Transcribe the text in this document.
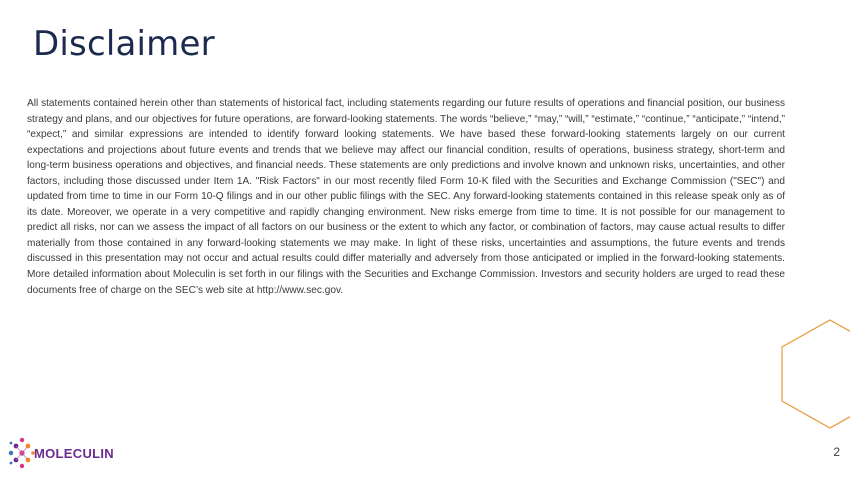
Disclaimer

All statements contained herein other than statements of historical fact, including statements regarding our future results of operations and financial position, our business strategy and plans, and our objectives for future operations, are forward-looking statements. The words “believe,” “may,” “will,” “estimate,” “continue,” “anticipate,” “intend,” “expect,” and similar expressions are intended to identify forward looking statements. We have based these forward-looking statements largely on our current expectations and projections about future events and trends that we believe may affect our financial condition, results of operations, business strategy, short-term and long-term business operations and objectives, and financial needs. These statements are only predictions and involve known and unknown risks, uncertainties, and other factors, including those discussed under Item 1A. "Risk Factors" in our most recently filed Form 10-K filed with the Securities and Exchange Commission ("SEC") and updated from time to time in our Form 10-Q filings and in our other public filings with the SEC. Any forward-looking statements contained in this release speak only as of its date. Moreover, we operate in a very competitive and rapidly changing environment. New risks emerge from time to time. It is not possible for our management to predict all risks, nor can we assess the impact of all factors on our business or the extent to which any factor, or combination of factors, may cause actual results to differ materially from those contained in any forward-looking statements we may make. In light of these risks, uncertainties and assumptions, the future events and trends discussed in this presentation may not occur and actual results could differ materially and adversely from those anticipated or implied in the forward-looking statements. More detailed information about Moleculin is set forth in our filings with the Securities and Exchange Commission. Investors and security holders are urged to read these documents free of charge on the SEC’s web site at http://www.sec.gov.

MOLECULIN	2
